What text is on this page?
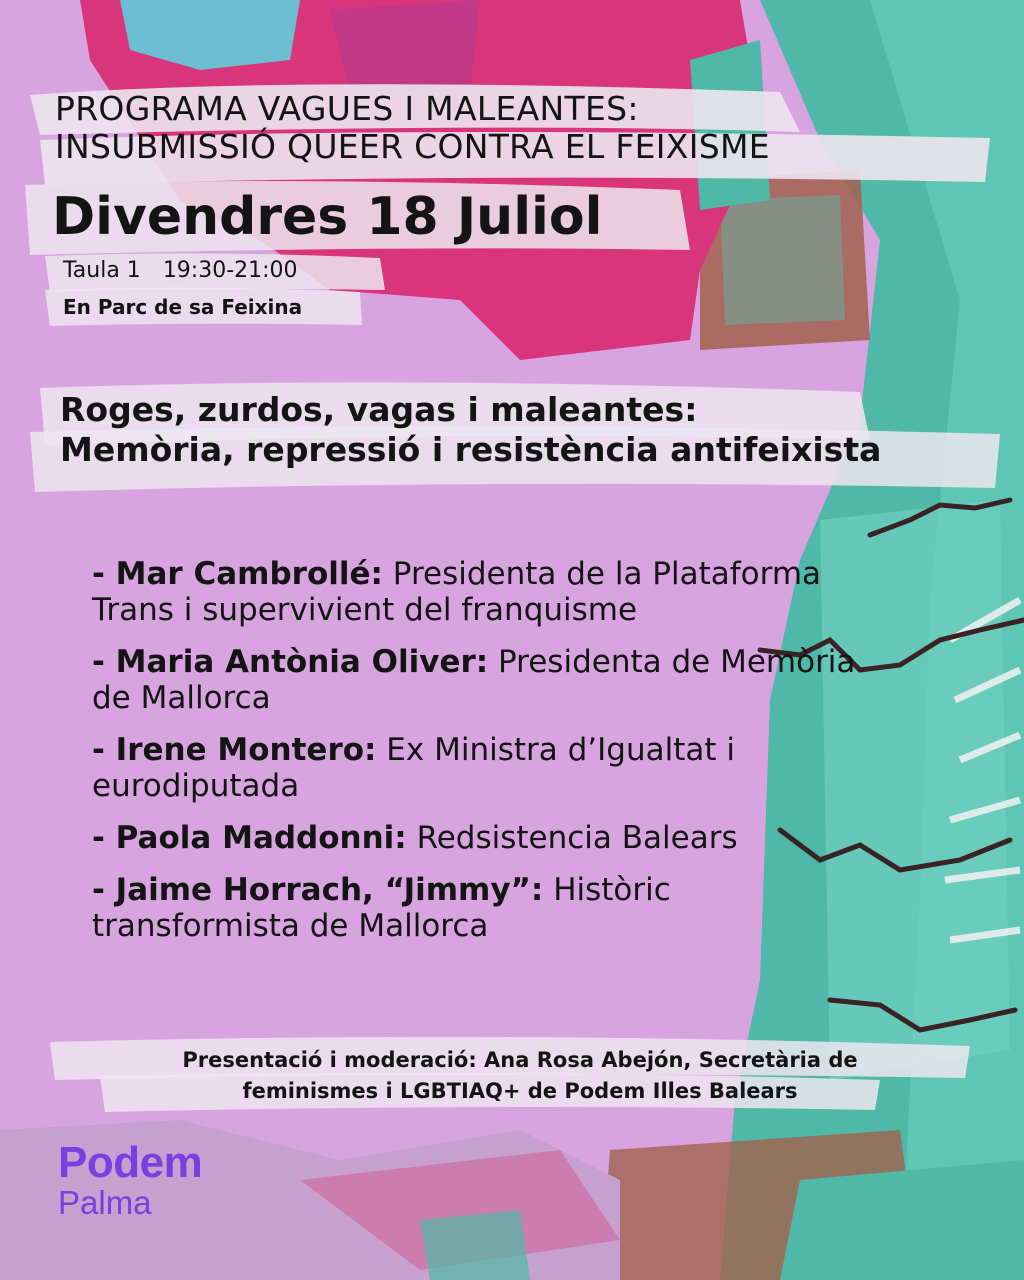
PROGRAMA VAGUES I MALEANTES:
INSUBMISSIÓ QUEER CONTRA EL FEIXISME
Divendres 18 Juliol
Taula 1 19:30-21:00
En Parc de sa Feixina
Roges, zurdos, vagas i maleantes:
Memòria, repressió i resistència antifeixista

- Mar Cambrollé: Presidenta de la Plataforma Trans i supervivient del franquisme

- Maria Antònia Oliver: Presidenta de Memòria de Mallorca

- Irene Montero: Ex Ministra d’Igualtat i eurodiputada

- Paola Maddonni: Redsistencia Balears

- Jaime Horrach, “Jimmy”: Històric transformista de Mallorca

Presentació i moderació: Ana Rosa Abejón, Secretària de
feminismes i LGBTIAQ+ de Podem Illes Balears
Podem
Palma
